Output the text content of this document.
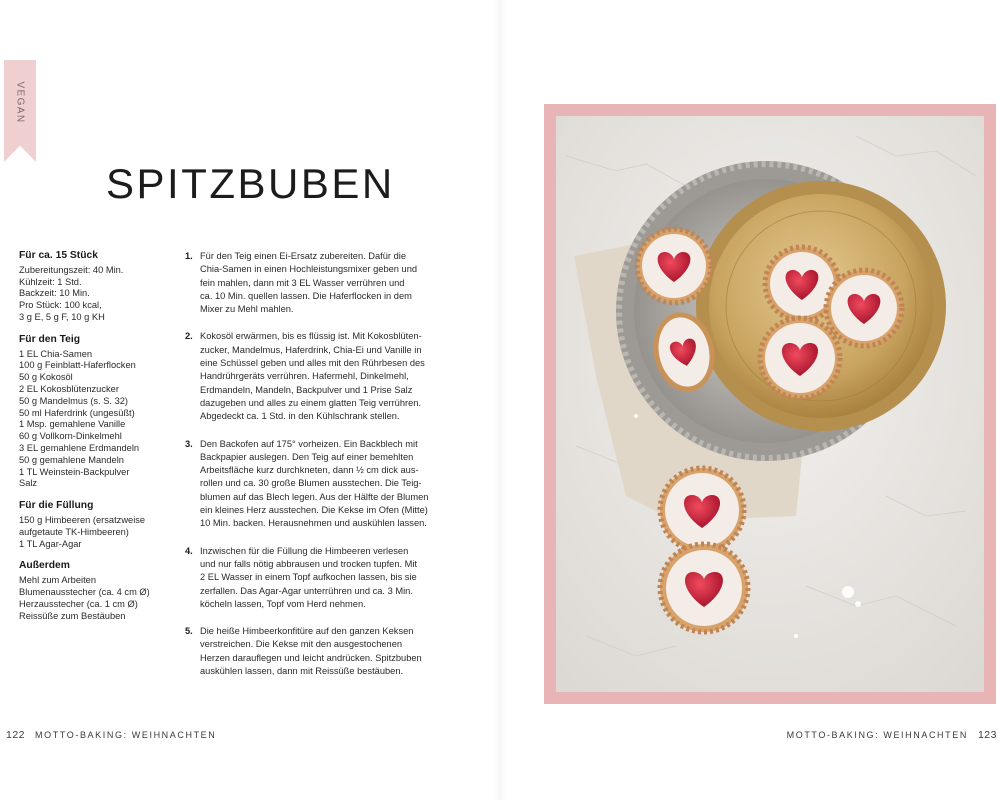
VEGAN
SPITZBUBEN
Für ca. 15 Stück
Zubereitungszeit: 40 Min.
Kühlzeit: 1 Std.
Backzeit: 10 Min.
Pro Stück: 100 kcal,
3 g E, 5 g F, 10 g KH
Für den Teig
1 EL Chia-Samen
100 g Feinblatt-Haferflocken
50 g Kokosöl
2 EL Kokosblütenzucker
50 g Mandelmus (s. S. 32)
50 ml Haferdrink (ungesüßt)
1 Msp. gemahlene Vanille
60 g Vollkorn-Dinkelmehl
3 EL gemahlene Erdmandeln
50 g gemahlene Mandeln
1 TL Weinstein-Backpulver
Salz
Für die Füllung
150 g Himbeeren (ersatzweise
aufgetaute TK-Himbeeren)
1 TL Agar-Agar
Außerdem
Mehl zum Arbeiten
Blumenausstecher (ca. 4 cm Ø)
Herzausstecher (ca. 1 cm Ø)
Reissüße zum Bestäuben
1. Für den Teig einen Ei-Ersatz zubereiten. Dafür die
Chia-Samen in einen Hochleistungsmixer geben und
fein mahlen, dann mit 3 EL Wasser verrühren und
ca. 10 Min. quellen lassen. Die Haferflocken in dem
Mixer zu Mehl mahlen.
2. Kokosöl erwärmen, bis es flüssig ist. Mit Kokosblüten-
zucker, Mandelmus, Haferdrink, Chia-Ei und Vanille in
eine Schüssel geben und alles mit den Rührbesen des
Handrührgeräts verrühren. Hafermehl, Dinkelmehl,
Erdmandeln, Mandeln, Backpulver und 1 Prise Salz
dazugeben und alles zu einem glatten Teig verrühren.
Abgedeckt ca. 1 Std. in den Kühlschrank stellen.
3. Den Backofen auf 175° vorheizen. Ein Backblech mit
Backpapier auslegen. Den Teig auf einer bemehlten
Arbeitsfläche kurz durchkneten, dann ½ cm dick aus-
rollen und ca. 30 große Blumen ausstechen. Die Teig-
blumen auf das Blech legen. Aus der Hälfte der Blumen
ein kleines Herz ausstechen. Die Kekse im Ofen (Mitte)
10 Min. backen. Herausnehmen und auskühlen lassen.
4. Inzwischen für die Füllung die Himbeeren verlesen
und nur falls nötig abbrausen und trocken tupfen. Mit
2 EL Wasser in einem Topf aufkochen lassen, bis sie
zerfallen. Das Agar-Agar unterrühren und ca. 3 Min.
köcheln lassen, Topf vom Herd nehmen.
5. Die heiße Himbeerkonfitüre auf den ganzen Keksen
verstreichen. Die Kekse mit den ausgestochenen
Herzen darauflegen und leicht andrücken. Spitzbuben
auskühlen lassen, dann mit Reissüße bestäuben.
122 MOTTO-BAKING: WEIHNACHTEN	MOTTO-BAKING: WEIHNACHTEN 123
